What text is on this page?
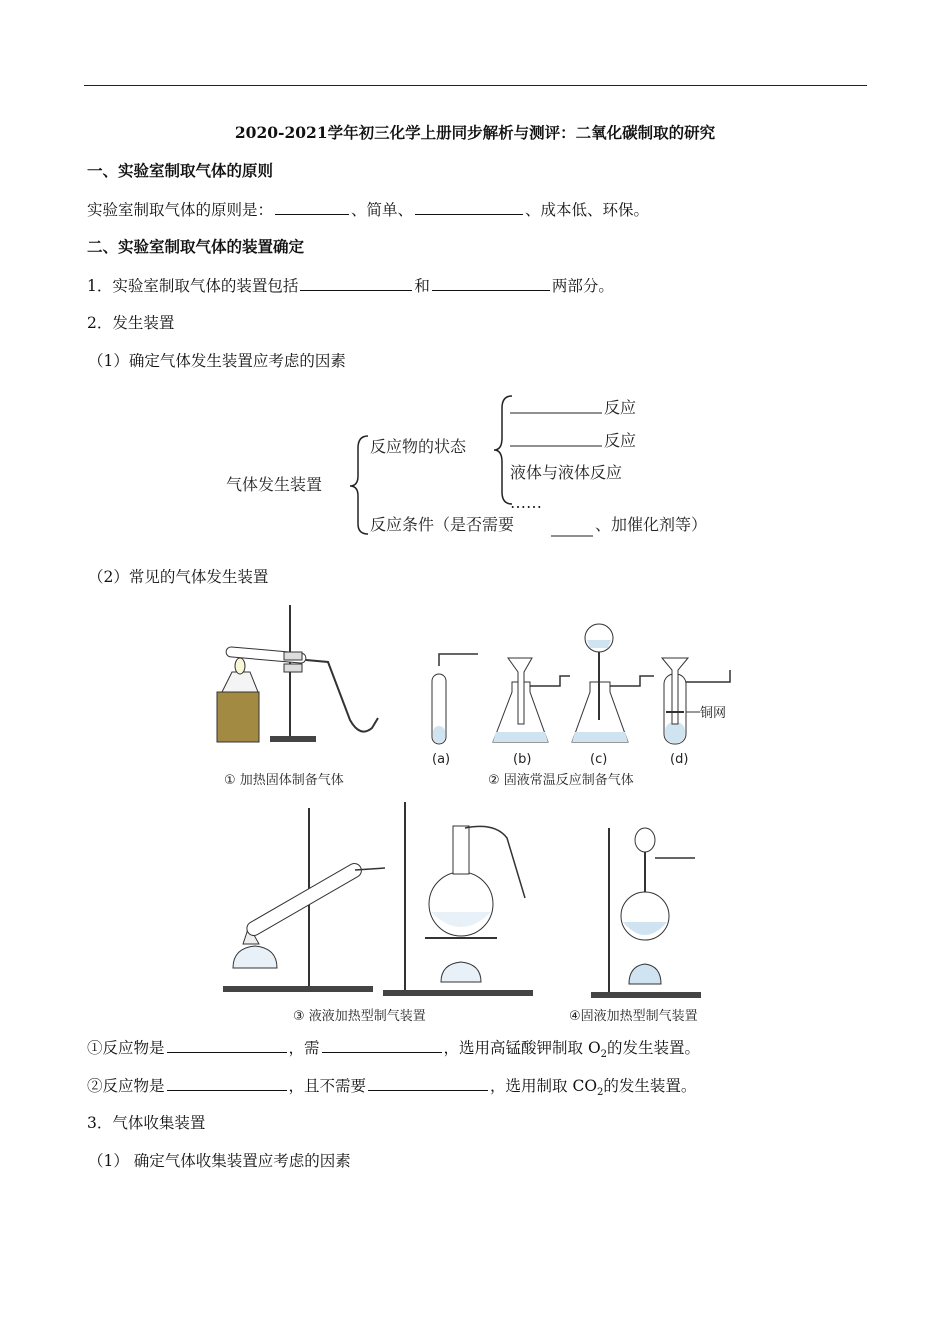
2020-2021学年初三化学上册同步解析与测评：二氧化碳制取的研究
一、实验室制取气体的原则
实验室制取气体的原则是：	、简单、	、成本低、环保。
二、实验室制取气体的装置确定
1．实验室制取气体的装置包括	和	两部分。
2．发生装置
（1）确定气体发生装置应考虑的因素
气体发生装置
反应物的状态
反应
反应
液体与液体反应
……
反应条件（是否需要	、加催化剂等）
（2）常见的气体发生装置
铜网
(a)	(b)	(c)	(d)
① 加热固体制备气体	② 固液常温反应制备气体
③ 液液加热型制气装置	④固液加热型制气装置
①反应物是	，需	，选用高锰酸钾制取 $O_2$的发生装置。
②反应物是	，且不需要	，选用制取 $CO_2$的发生装置。
3．气体收集装置
（1） 确定气体收集装置应考虑的因素
